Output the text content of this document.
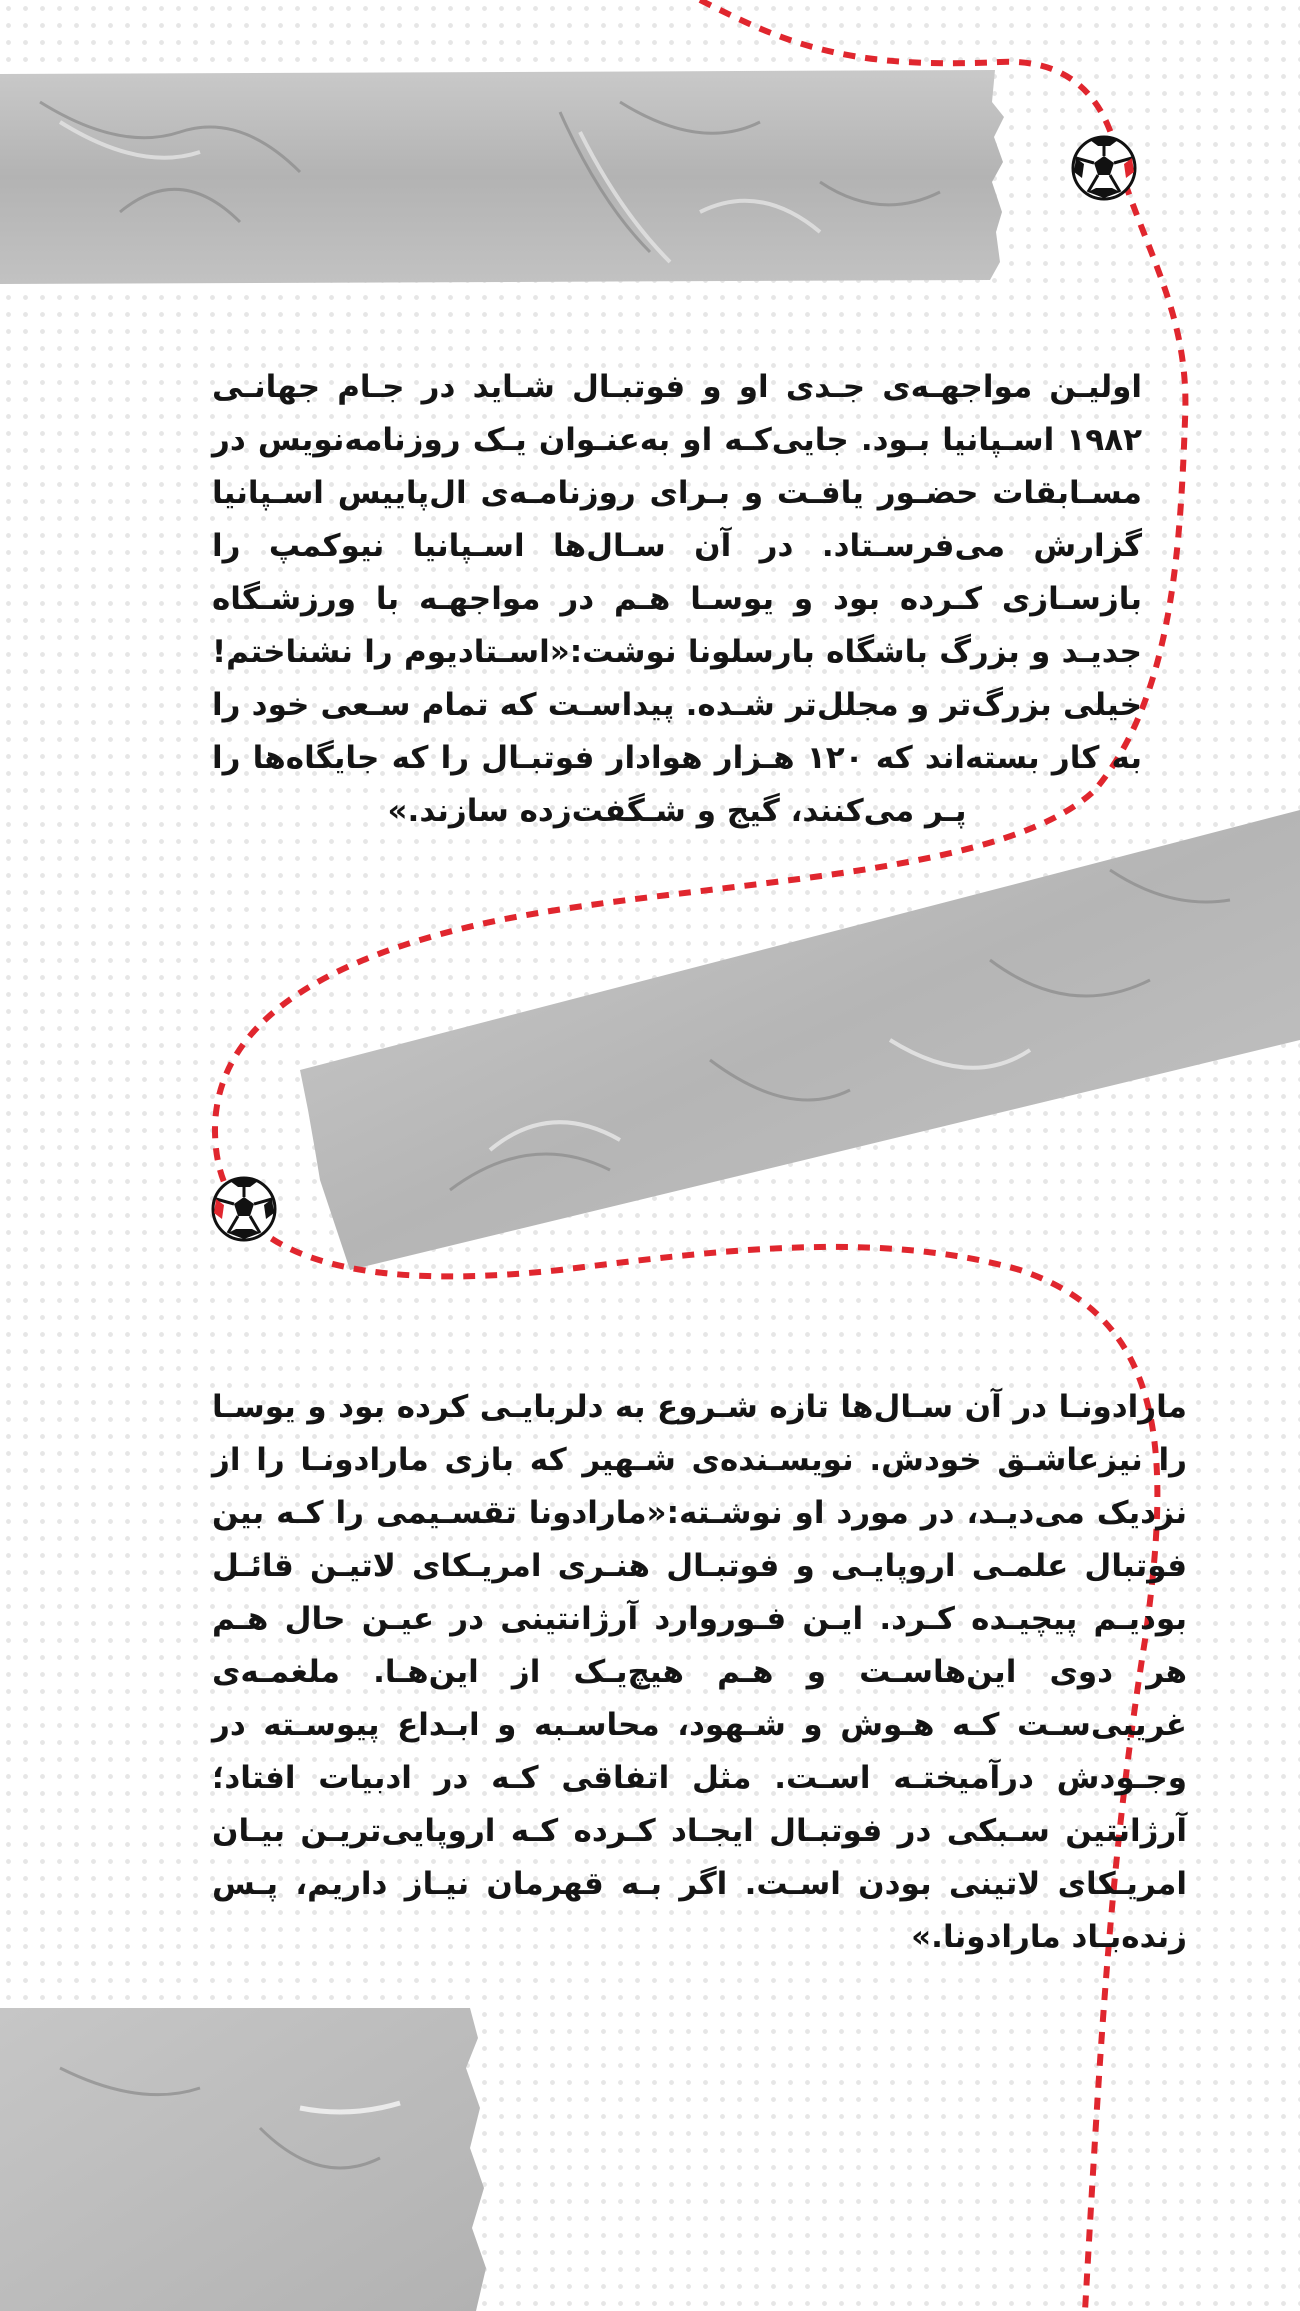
اولیـن مواجهـه‌ی جـدی او و فوتبـال شـاید در جـام جهانـی ۱۹۸۲ اسـپانیا بـود. جایی‌کـه او به‌عنـوان یـک روزنامه‌نویس در مسـابقات حضـور یافـت و بـرای روزنامـه‌ی ال‌پاییس اسـپانیا گزارش می‌فرسـتاد. در آن سـال‌ها اسـپانیا نیوکمپ را بازسـازی کـرده بود و یوسـا هـم در مواجهـه با ورزشـگاه جدیـد و بزرگ باشگاه بارسلونا نوشت:«اسـتادیوم را نشناختم! خیلی بزرگ‌تر و مجلل‌تر شـده. پیداسـت که تمام سـعی خود را به کار بسته‌اند که ۱۲۰ هـزار هوادار فوتبـال را که جایگاه‌ها را پـر می‌کنند، گیج و شـگفت‌زده سازند.»

مارادونـا در آن سـال‌ها تازه شـروع به دلربایـی کرده بود و یوسـا را نیزعاشـق خودش. نویسـنده‌ی شـهیر که بازی مارادونـا را از نزدیک می‌دیـد، در مورد او نوشـته:«مارادونا تقسـیمی را کـه بین فوتبال علمـی اروپایـی و فوتبـال هنـری امریـکای لاتیـن قائـل بودیـم پیچیـده کـرد. ایـن فـوروارد آرژانتینی در عیـن حال هـم هر دوی این‌هاسـت و هـم هیچ‌یـک از این‌هـا. ملغمـه‌ی غریبی‌سـت کـه هـوش و شـهود، محاسـبه و ابـداع پیوسـته در وجـودش درآمیختـه اسـت. مثل اتفاقی کـه در ادبیات افتاد؛ آرژانتین سـبکی در فوتبـال ایجـاد کـرده کـه اروپایی‌تریـن بیـان امریـکای لاتینی بودن اسـت. اگر بـه قهرمان نیـاز داریم، پـس زنده‌بـاد مارادونا.»
